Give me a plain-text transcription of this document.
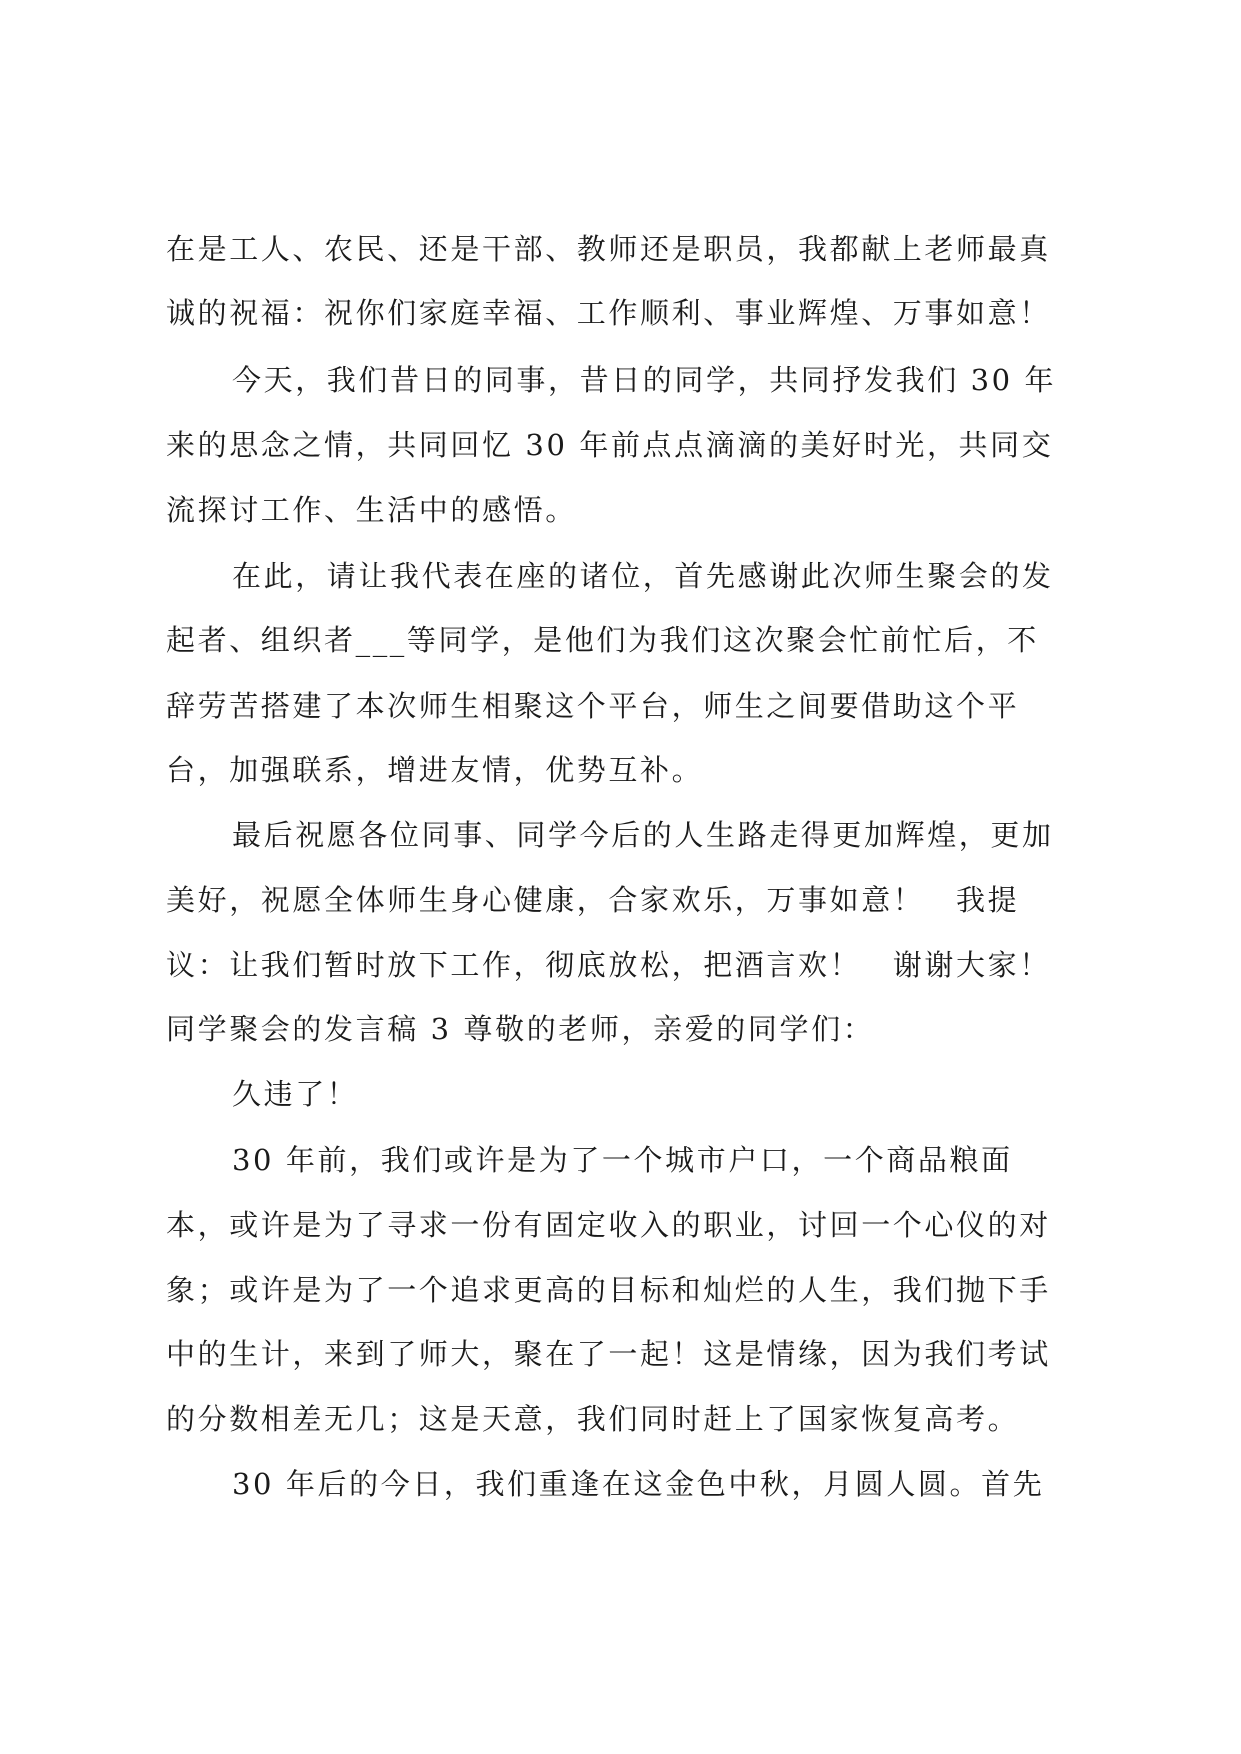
在是工人、农民、还是干部、教师还是职员，我都献上老师最真
诚的祝福：祝你们家庭幸福、工作顺利、事业辉煌、万事如意！
今天，我们昔日的同事，昔日的同学，共同抒发我们 30 年
来的思念之情，共同回忆 30 年前点点滴滴的美好时光，共同交
流探讨工作、生活中的感悟。
在此，请让我代表在座的诸位，首先感谢此次师生聚会的发
起者、组织者___等同学，是他们为我们这次聚会忙前忙后，不
辞劳苦搭建了本次师生相聚这个平台，师生之间要借助这个平
台，加强联系，增进友情，优势互补。
最后祝愿各位同事、同学今后的人生路走得更加辉煌，更加
美好，祝愿全体师生身心健康，合家欢乐，万事如意！　我提
议：让我们暂时放下工作，彻底放松，把酒言欢！　谢谢大家！
同学聚会的发言稿 3 尊敬的老师，亲爱的同学们：
久违了！
30 年前，我们或许是为了一个城市户口，一个商品粮面
本，或许是为了寻求一份有固定收入的职业，讨回一个心仪的对
象；或许是为了一个追求更高的目标和灿烂的人生，我们抛下手
中的生计，来到了师大，聚在了一起！这是情缘，因为我们考试
的分数相差无几；这是天意，我们同时赶上了国家恢复高考。
30 年后的今日，我们重逢在这金色中秋，月圆人圆。首先
